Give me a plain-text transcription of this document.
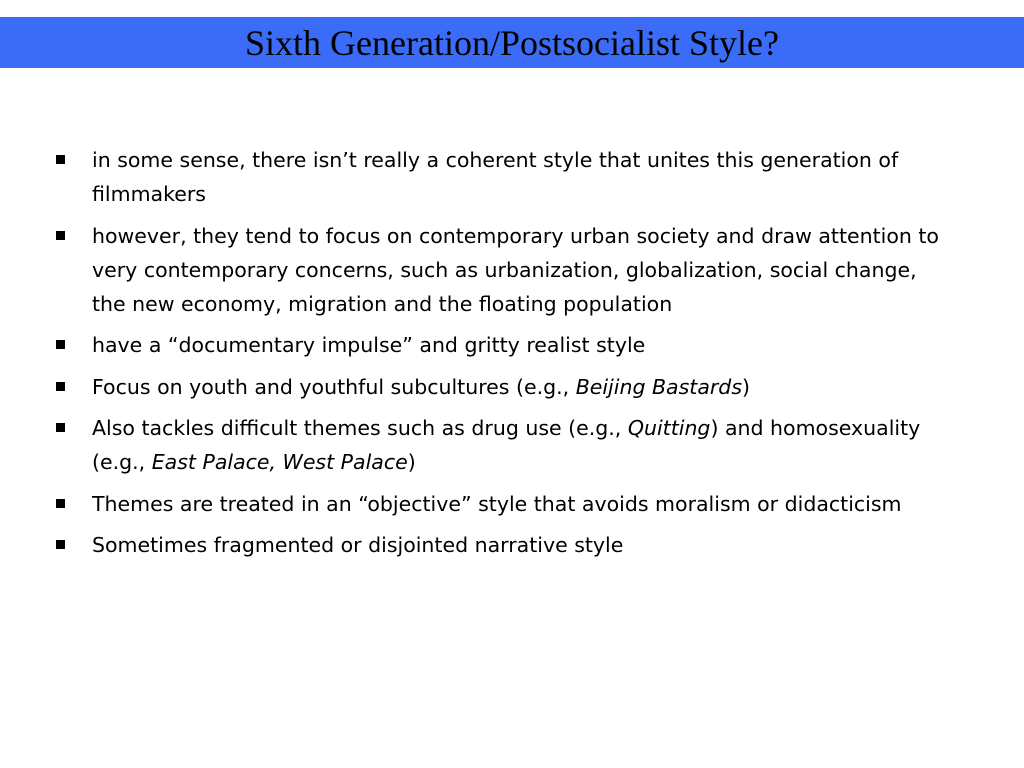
Sixth Generation/Postsocialist Style?
in some sense, there isn’t really a coherent style that unites this generation of filmmakers
however, they tend to focus on contemporary urban society and draw attention to very contemporary concerns, such as urbanization, globalization, social change, the new economy, migration and the floating population
have a “documentary impulse” and gritty realist style
Focus on youth and youthful subcultures (e.g., Beijing Bastards)
Also tackles difficult themes such as drug use (e.g., Quitting) and homosexuality (e.g., East Palace, West Palace)
Themes are treated in an “objective” style that avoids moralism or didacticism
Sometimes fragmented or disjointed narrative style
